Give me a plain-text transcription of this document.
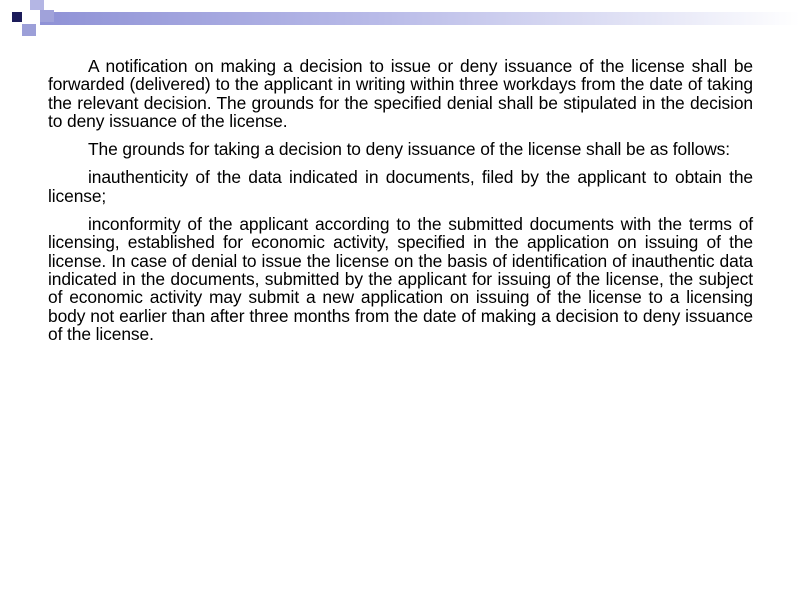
A notification on making a decision to issue or deny issuance of the license shall be forwarded (delivered) to the applicant in writing within three workdays from the date of taking the relevant decision. The grounds for the specified denial shall be stipulated in the decision to deny issuance of the license.

The grounds for taking a decision to deny issuance of the license shall be as follows:

inauthenticity of the data indicated in documents, filed by the applicant to obtain the license;

inconformity of the applicant according to the submitted documents with the terms of licensing, established for economic activity, specified in the application on issuing of the license. In case of denial to issue the license on the basis of identification of inauthentic data indicated in the documents, submitted by the applicant for issuing of the license, the subject of economic activity may submit a new application on issuing of the license to a licensing body not earlier than after three months from the date of making a decision to deny issuance of the license.
